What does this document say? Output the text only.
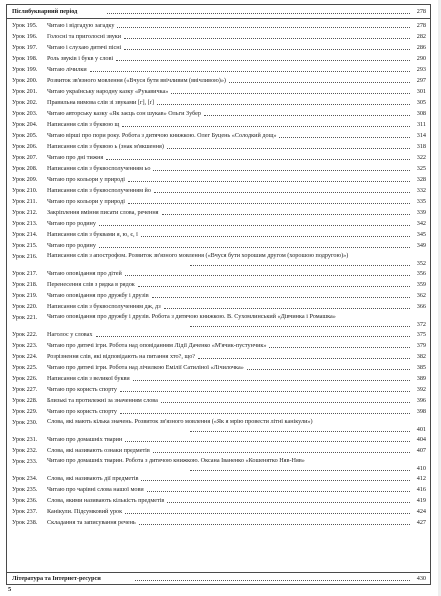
Післябукварний період	278
Урок 195. Читаю і відгадую загадку	278
Урок 196. Голосні та приголосні звуки	282
Урок 197. Читаю і слухаю дитячі пісні	286
Урок 198. Роль звуків і букв у слові	290
Урок 199. Читаю лічилки	293
Урок 200. Розвиток зв'язного мовлення («Вчуся бути ввічливим (ввічливою)»)	297
Урок 201. Читаю українську народну казку «Рукавичка»	301
Урок 202. Правильна вимова слів зі звуками [г], [ґ]	305
Урок 203. Читаю авторську казку «Як заєць сон шукав» Ольги Зубер	308
Урок 204. Написання слів з буквою щ	311
Урок 205. Читаю вірші про пори року. Робота з дитячою книжкою. Олег Буцень «Солодкий дощ»	314
Урок 206. Написання слів з буквою ь (знак м'якшення)	318
Урок 207. Читаю про дні тижня	322
Урок 208. Написання слів з буквосполученням ьо	325
Урок 209. Читаю про кольори у природі	328
Урок 210. Написання слів з буквосполученням йо	332
Урок 211. Читаю про кольори у природі	335
Урок 212. Закріплення вміння писати слова, речення	339
Урок 213. Читаю про родину	342
Урок 214. Написання слів з буквами я, ю, є, ї	345
Урок 215. Читаю про родину	349
Урок 216. Написання слів з апострофом. Розвиток зв'язного мовлення («Вчуся бути хорошим другом (хорошою подругою)»)
352
Урок 217. Читаю оповідання про дітей	356
Урок 218. Перенесення слів з рядка в рядок	359
Урок 219. Читаю оповідання про дружбу і друзів	362
Урок 220. Написання слів з буквосполученням дж, дз	366
Урок 221. Читаю оповідання про дружбу і друзів. Робота з дитячою книжкою. В. Сухомлинський «Дівчинка і Ромашка»
372
Урок 222. Наголос у словах	375
Урок 223. Читаю про дитячі ігри. Робота над оповіданням Лідії Даченко «М'ячик-пустунчик»	379
Урок 224. Розрізнення слів, які відповідають на питання хто?, що?	382
Урок 225. Читаю про дитячі ігри. Робота над лічилкою Емілії Сатиліної «Лічилочка»	385
Урок 226. Написання слів з великої букви	389
Урок 227. Читаю про користь спорту	392
Урок 228. Близькі та протилежні за значенням слова	396
Урок 229. Читаю про користь спорту	398
Урок 230. Слова, які мають кілька значень. Розвиток зв'язного мовлення («Як я мрію провести літні канікули»)
401
Урок 231. Читаю про домашніх тварин	404
Урок 232. Слова, які називають ознаки предметів	407
Урок 233. Читаю про домашніх тварин. Робота з дитячою книжкою. Оксана Іваненко «Кошенятко Няв-Няв»
410
Урок 234. Слова, які називають дії предметів	412
Урок 235. Читаю про чарівні слова нашої мови	416
Урок 236. Слова, якими називають кількість предметів	419
Урок 237. Канікули. Підсумковий урок	424
Урок 238. Складання та записування речень	427
Література та Інтернет-ресурси	430
5
